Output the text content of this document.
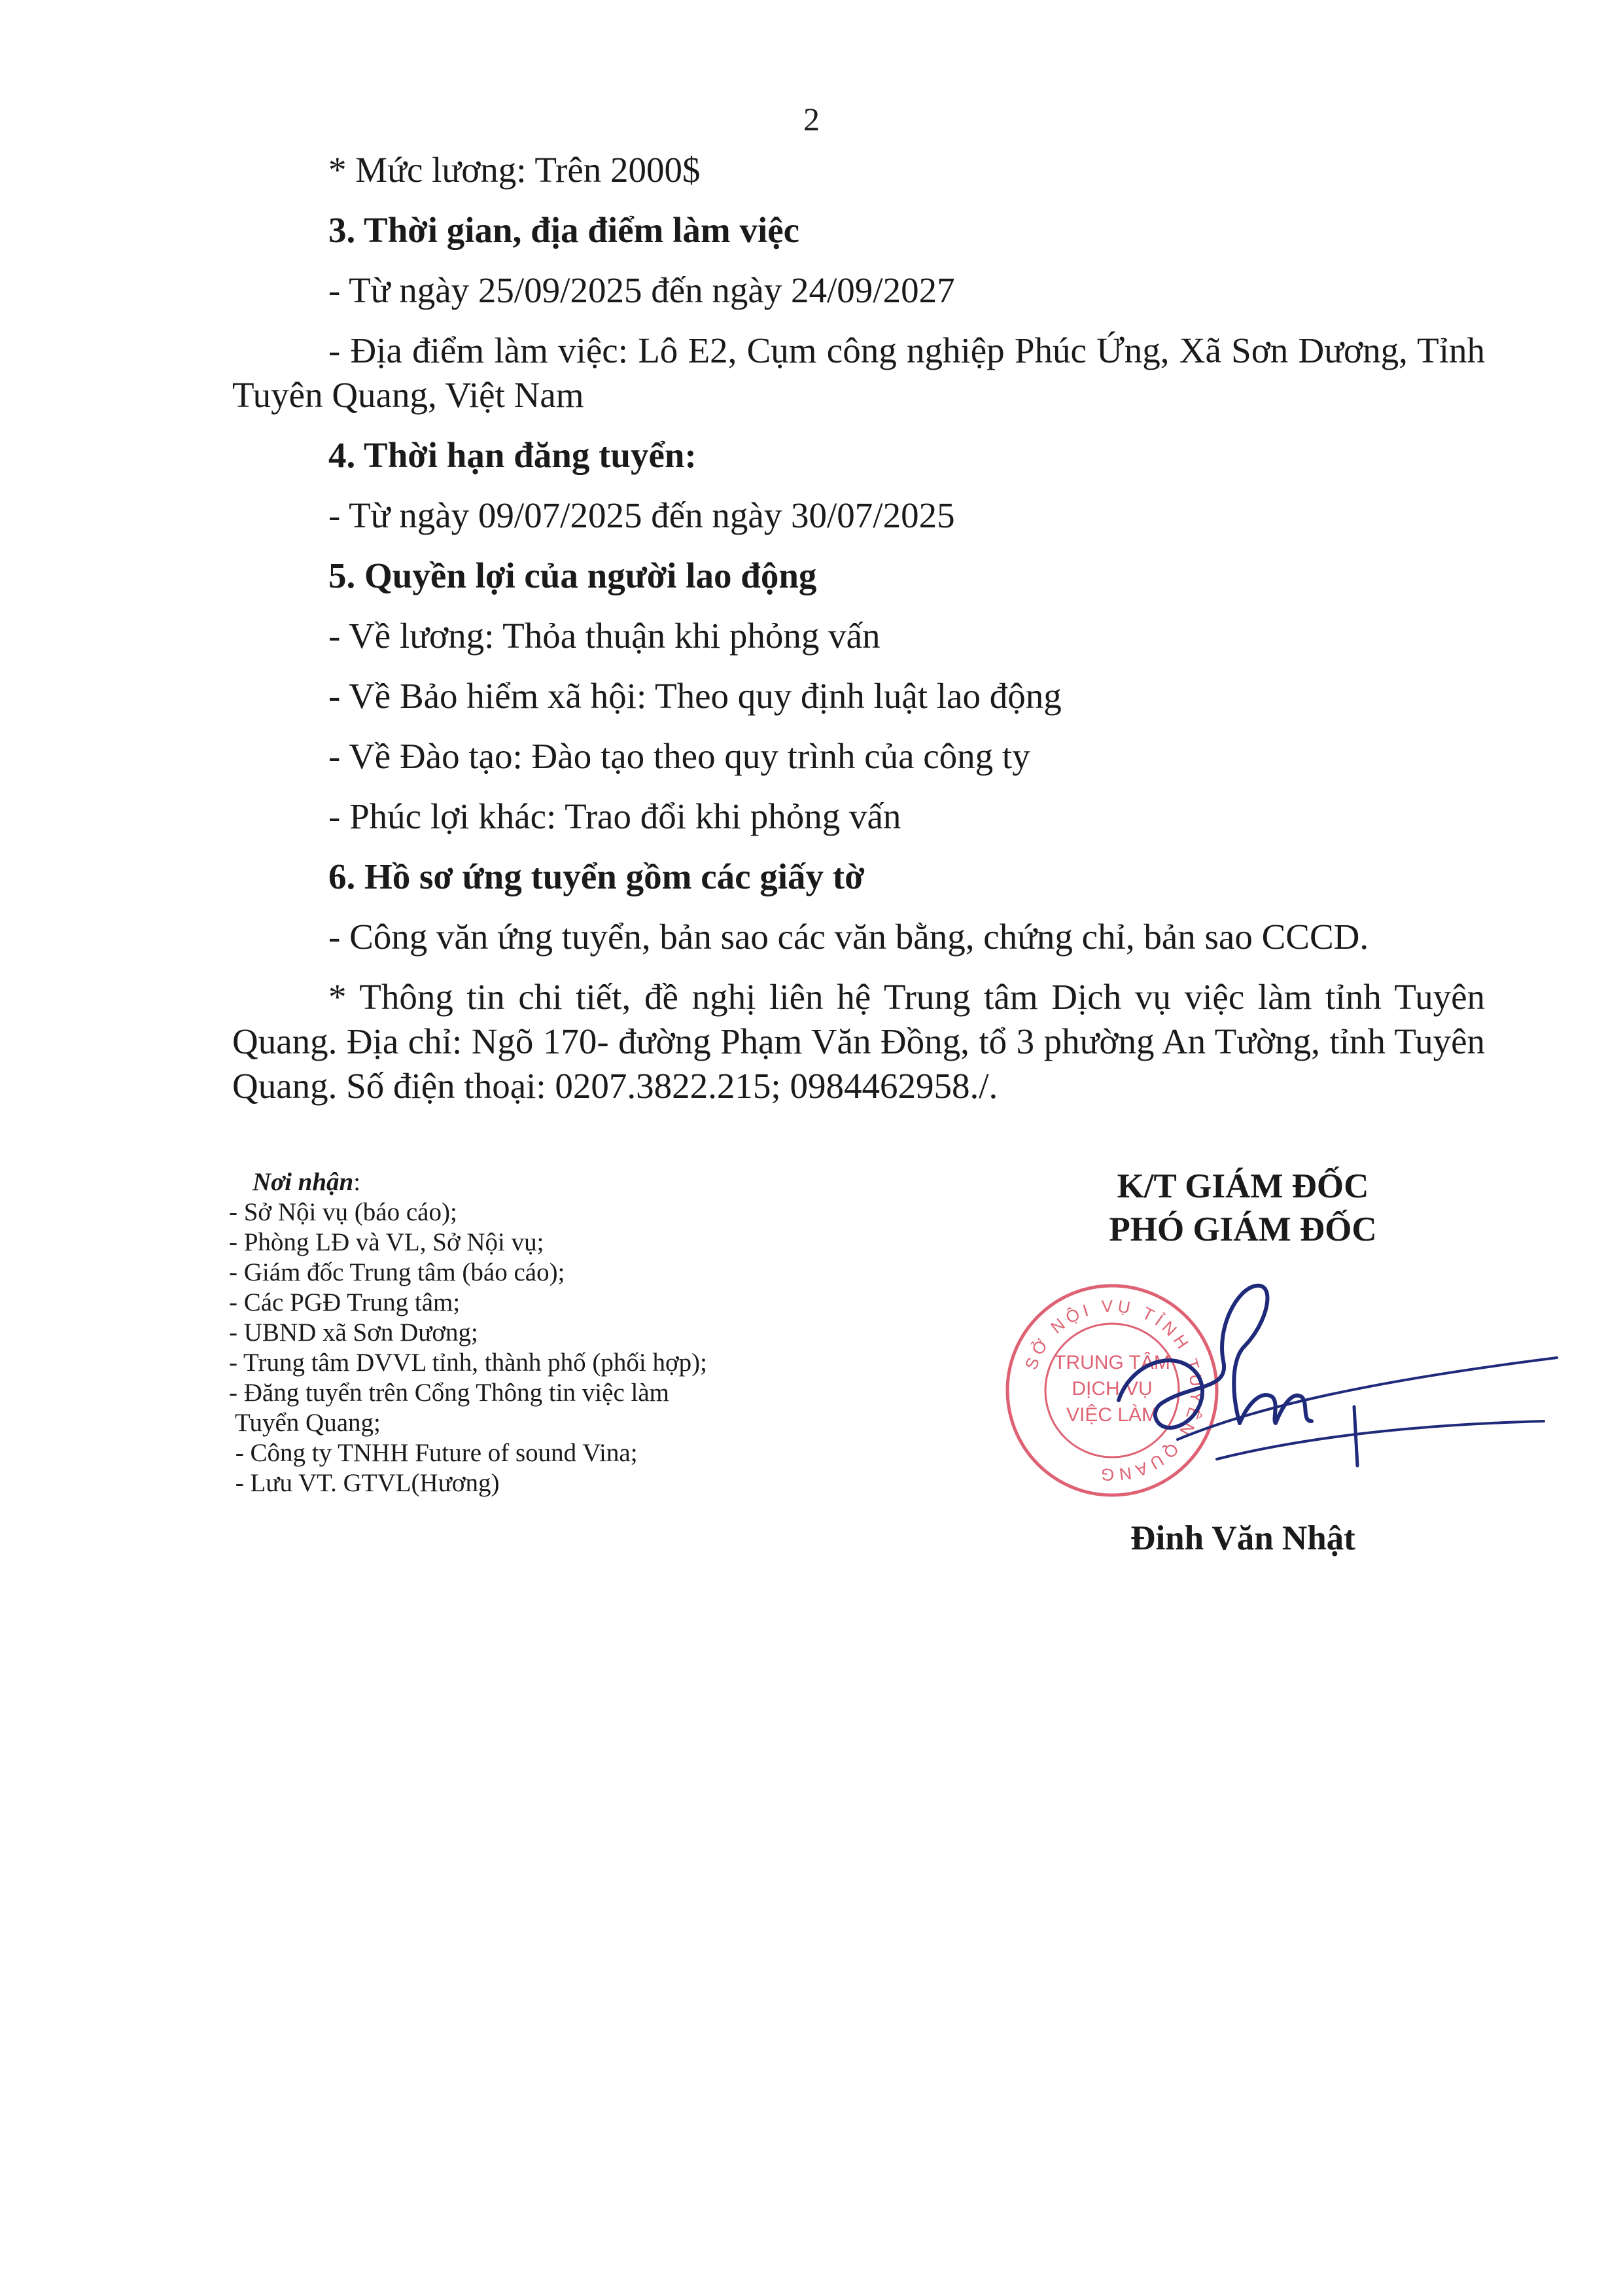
2

* Mức lương: Trên 2000$

3. Thời gian, địa điểm làm việc

- Từ ngày 25/09/2025 đến ngày 24/09/2027

- Địa điểm làm việc: Lô E2, Cụm công nghiệp Phúc Ứng, Xã Sơn Dương, Tỉnh Tuyên Quang, Việt Nam

4. Thời hạn đăng tuyển:

- Từ ngày 09/07/2025 đến ngày 30/07/2025

5. Quyền lợi của người lao động

- Về lương: Thỏa thuận khi phỏng vấn

- Về Bảo hiểm xã hội: Theo quy định luật lao động

- Về Đào tạo: Đào tạo theo quy trình của công ty

- Phúc lợi khác: Trao đổi khi phỏng vấn

6. Hồ sơ ứng tuyển gồm các giấy tờ

- Công văn ứng tuyển, bản sao các văn bằng, chứng chỉ, bản sao CCCD.

* Thông tin chi tiết, đề nghị liên hệ Trung tâm Dịch vụ việc làm tỉnh Tuyên Quang. Địa chỉ: Ngõ 170- đường Phạm Văn Đồng, tổ 3 phường An Tường, tỉnh Tuyên Quang. Số điện thoại: 0207.3822.215; 0984462958./.

Nơi nhận:
- Sở Nội vụ (báo cáo);
- Phòng LĐ và VL, Sở Nội vụ;
- Giám đốc Trung tâm (báo cáo);
- Các PGĐ Trung tâm;
- UBND xã Sơn Dương;
- Trung tâm DVVL tỉnh, thành phố (phối hợp);
- Đăng tuyển trên Cổng Thông tin việc làm
Tuyển Quang;
- Công ty TNHH Future of sound Vina;
- Lưu VT. GTVL(Hương)

K/T GIÁM ĐỐC

PHÓ GIÁM ĐỐC

SỞ NỘI VỤ TỈNH TUYÊN QUANG
TRUNG TÂM
DỊCH VỤ
VIỆC LÀM
Đinh Văn Nhật
